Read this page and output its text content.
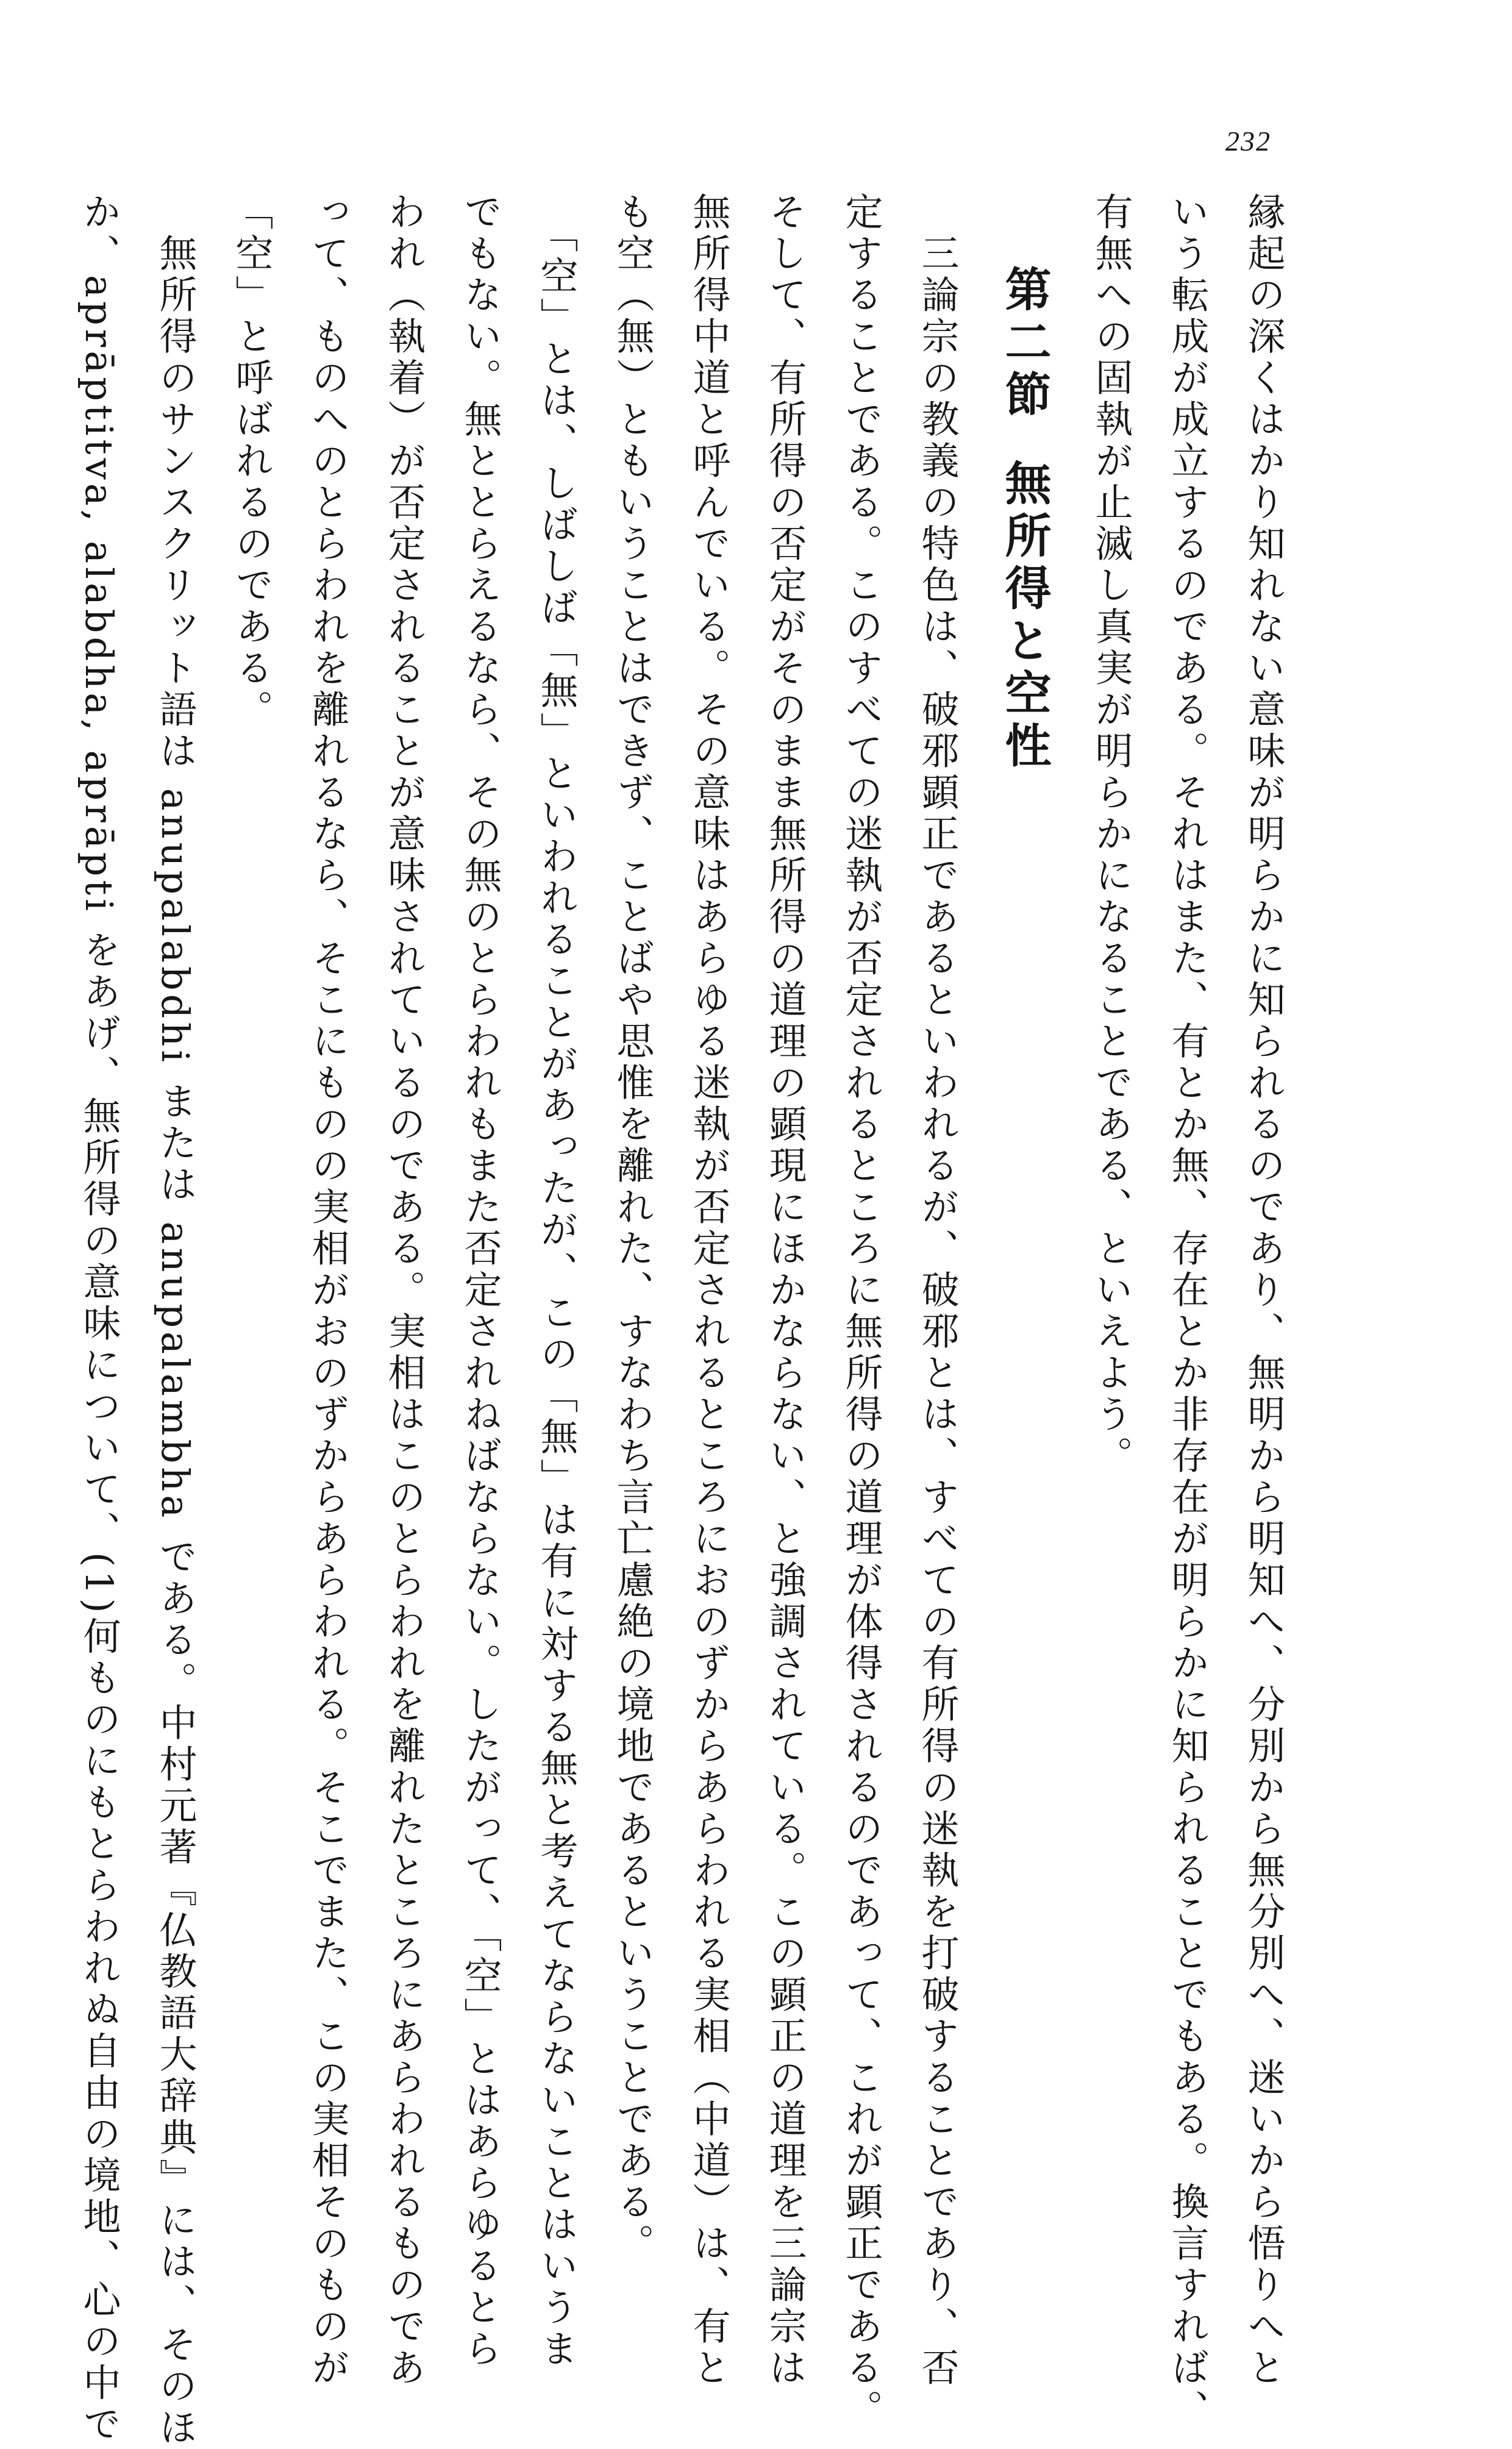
232
縁起の深くはかり知れない意味が明らかに知られるのであり、無明から明知へ、分別から無分別へ、迷いから悟りへと
いう転成が成立するのである。それはまた、有とか無、存在とか非存在が明らかに知られることでもある。換言すれば、
有無への固執が止滅し真実が明らかになることである、といえよう。
第二節無所得と空性
　三論宗の教義の特色は、破邪顕正であるといわれるが、破邪とは、すべての有所得の迷執を打破することであり、否
定することである。このすべての迷執が否定されるところに無所得の道理が体得されるのであって、これが顕正である。
そして、有所得の否定がそのまま無所得の道理の顕現にほかならない、と強調されている。この顕正の道理を三論宗は
無所得中道と呼んでいる。その意味はあらゆる迷執が否定されるところにおのずからあらわれる実相（中道）は、有と
も空（無）ともいうことはできず、ことばや思惟を離れた、すなわち言亡慮絶の境地であるということである。
　「空」とは、しばしば「無」といわれることがあったが、この「無」は有に対する無と考えてならないことはいうま
でもない。無ととらえるなら、その無のとらわれもまた否定されねばならない。したがって、「空」とはあらゆるとら
われ（執着）が否定されることが意味されているのである。実相はこのとらわれを離れたところにあらわれるものであ
って、ものへのとらわれを離れるなら、そこにものの実相がおのずからあらわれる。そこでまた、この実相そのものが
「空」と呼ばれるのである。
　無所得のサンスクリット語は anupalabdhi または anupalambha である。中村元著『仏教語大辞典』には、そのほ
か、aprāptitva, alabdha, aprāpti をあげ、無所得の意味について、(1)何ものにもとらわれぬ自由の境地、心の中で
